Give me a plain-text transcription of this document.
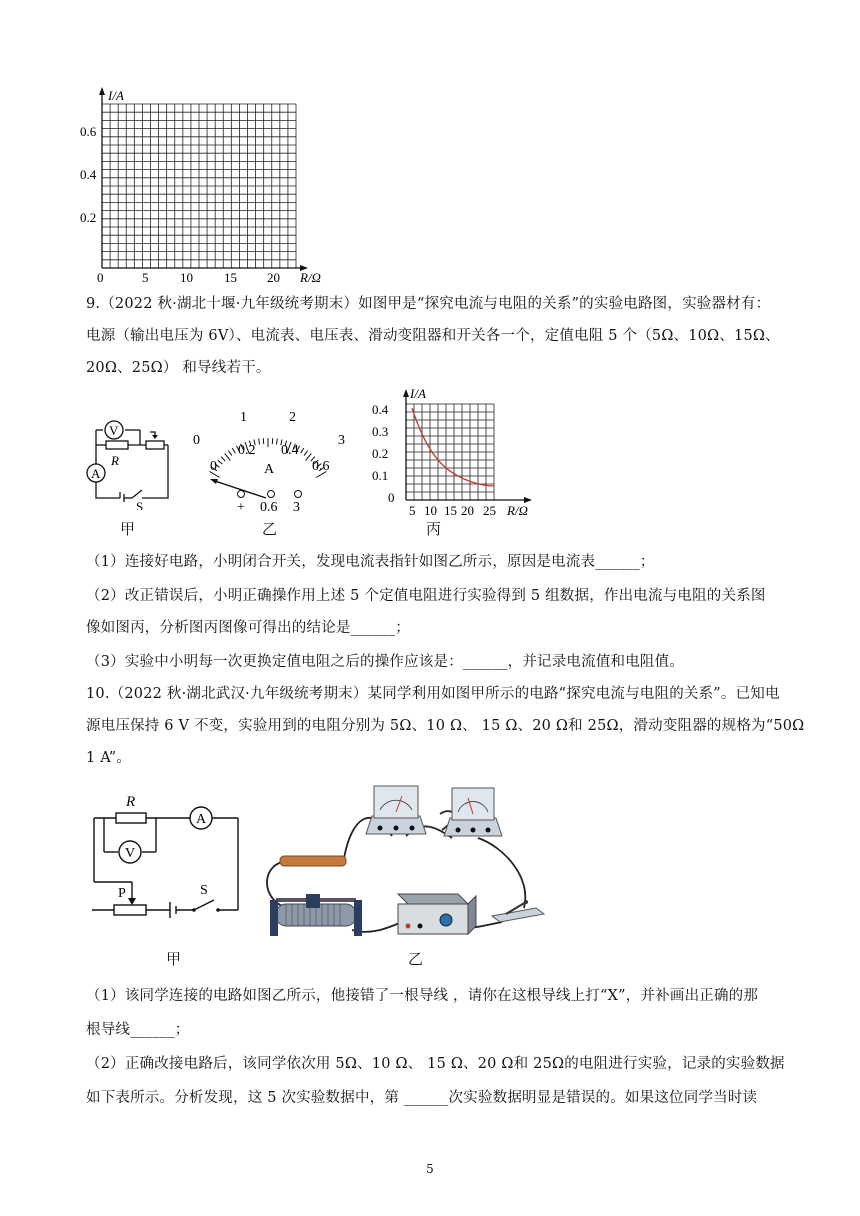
I/A
0.6
0.4
0.2
0	5 10 15 20 R/Ω
9.（2022 秋·湖北十堰·九年级统考期末）如图甲是“探究电流与电阻的关系”的实验电路图，实验器材有：
电源（输出电压为 6V）、电流表、电压表、滑动变阻器和开关各一个，定值电阻 5 个（5Ω、10Ω、15Ω、
20Ω、25Ω） 和导线若干。
V
A
R
S
甲
0
1	2
3
0
0.2 0.4
0.6
A
+ 0.6 3
乙
I/A
0.4
0.3
0.2
0.1
0
5 10 15 20 25 R/Ω
丙
（1）连接好电路，小明闭合开关，发现电流表指针如图乙所示，原因是电流表______；
（2）改正错误后，小明正确操作用上述 5 个定值电阻进行实验得到 5 组数据，作出电流与电阻的关系图
像如图丙，分析图丙图像可得出的结论是______；
（3）实验中小明每一次更换定值电阻之后的操作应该是：______，并记录电流值和电阻值。
10.（2022 秋·湖北武汉·九年级统考期末）某同学利用如图甲所示的电路“探究电流与电阻的关系”。已知电
源电压保持 6 V 不变，实验用到的电阻分别为 5Ω、10 Ω、 15 Ω、20 Ω和 25Ω，滑动变阻器的规格为“50Ω
1 A”。
A
V
R
P	S
甲	乙
（1）该同学连接的电路如图乙所示，他接错了一根导线 ，请你在这根导线上打“X”，并补画出正确的那
根导线______；
（2）正确改接电路后，该同学依次用 5Ω、10 Ω、 15 Ω、20 Ω和 25Ω的电阻进行实验，记录的实验数据
如下表所示。分析发现，这 5 次实验数据中，第 ______次实验数据明显是错误的。如果这位同学当时读
5
